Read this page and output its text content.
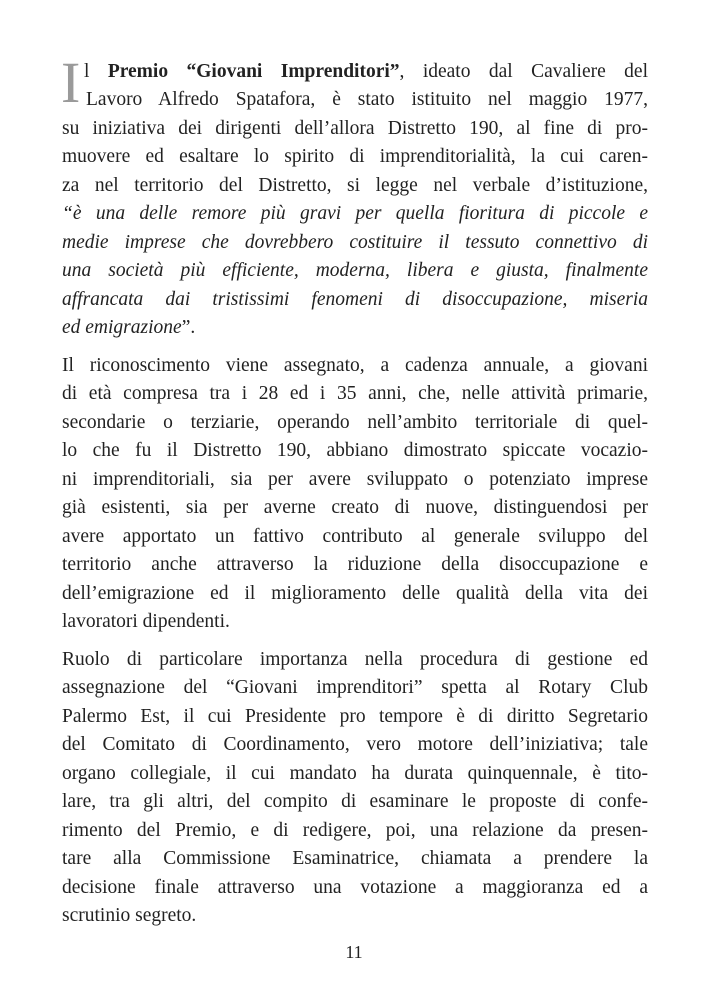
I l Premio “Giovani Imprenditori”, ideato dal Cavaliere del
Lavoro Alfredo Spatafora, è stato istituito nel maggio 1977,
su iniziativa dei dirigenti dell’allora Distretto 190, al fine di pro-
muovere ed esaltare lo spirito di imprenditorialità, la cui caren-
za nel territorio del Distretto, si legge nel verbale d’istituzione,
“è una delle remore più gravi per quella fioritura di piccole e
medie imprese che dovrebbero costituire il tessuto connettivo di
una società più efficiente, moderna, libera e giusta, finalmente
affrancata dai tristissimi fenomeni di disoccupazione, miseria
ed emigrazione”.
Il riconoscimento viene assegnato, a cadenza annuale, a giovani
di età compresa tra i 28 ed i 35 anni, che, nelle attività primarie,
secondarie o terziarie, operando nell’ambito territoriale di quel-
lo che fu il Distretto 190, abbiano dimostrato spiccate vocazio-
ni imprenditoriali, sia per avere sviluppato o potenziato imprese
già esistenti, sia per averne creato di nuove, distinguendosi per
avere apportato un fattivo contributo al generale sviluppo del
territorio anche attraverso la riduzione della disoccupazione e
dell’emigrazione ed il miglioramento delle qualità della vita dei
lavoratori dipendenti.
Ruolo di particolare importanza nella procedura di gestione ed
assegnazione del “Giovani imprenditori” spetta al Rotary Club
Palermo Est, il cui Presidente pro tempore è di diritto Segretario
del Comitato di Coordinamento, vero motore dell’iniziativa; tale
organo collegiale, il cui mandato ha durata quinquennale, è tito-
lare, tra gli altri, del compito di esaminare le proposte di confe-
rimento del Premio, e di redigere, poi, una relazione da presen-
tare alla Commissione Esaminatrice, chiamata a prendere la
decisione finale attraverso una votazione a maggioranza ed a
scrutinio segreto.
11
